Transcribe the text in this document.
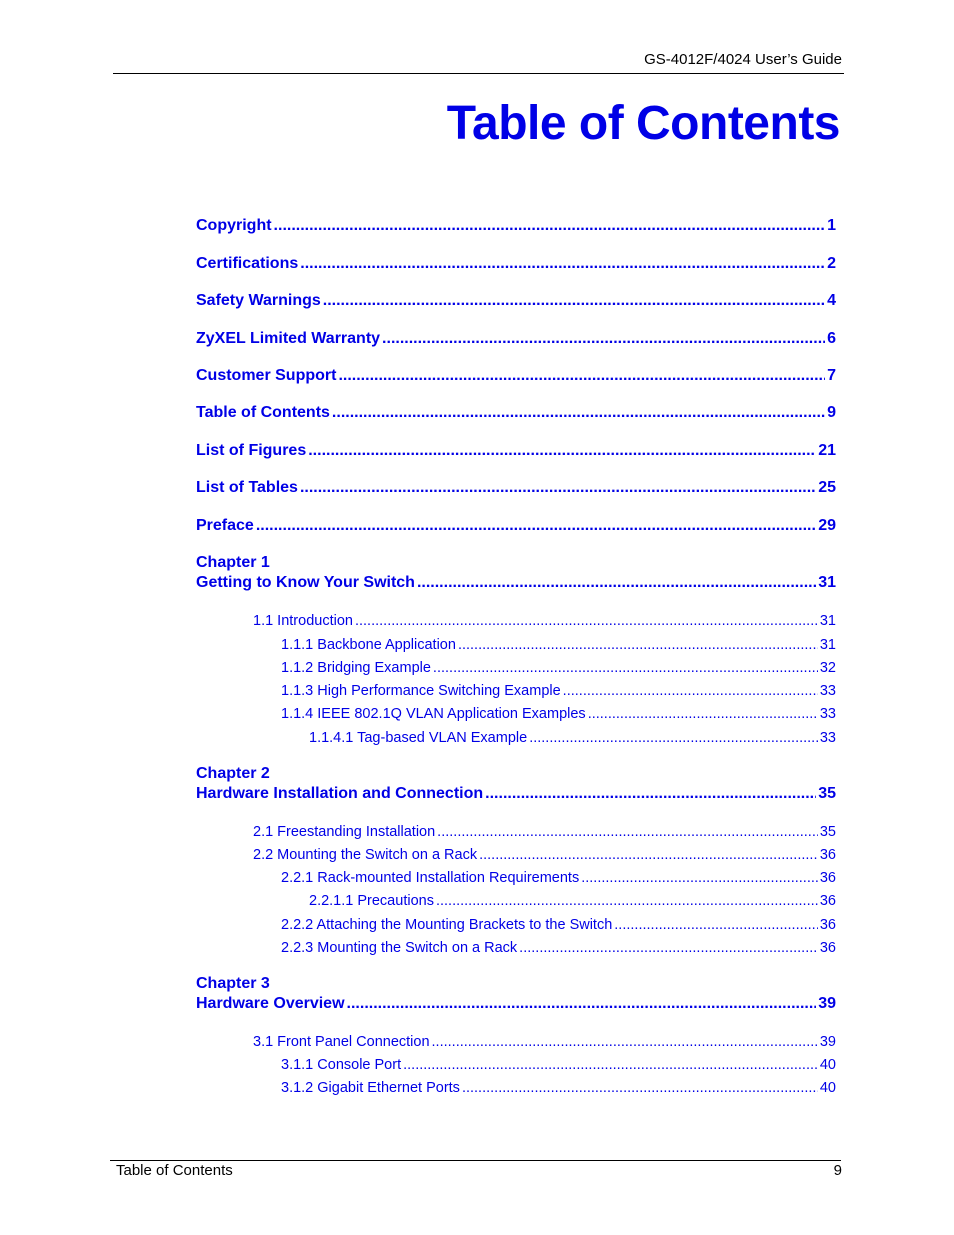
GS-4012F/4024 User’s Guide
Table of Contents
Copyright .....	1
Certifications .....	2
Safety Warnings .....	4
ZyXEL Limited Warranty .....	6
Customer Support .....	7
Table of Contents .....	9
List of Figures .....	21
List of Tables .....	25
Preface .....	29
Chapter 1
Getting to Know Your Switch .....	31
1.1 Introduction .....	31
1.1.1 Backbone Application .....	31
1.1.2 Bridging Example .....	32
1.1.3 High Performance Switching Example .....	33
1.1.4 IEEE 802.1Q VLAN Application Examples .....	33
1.1.4.1 Tag-based VLAN Example .....	33
Chapter 2
Hardware Installation and Connection .....	35
2.1 Freestanding Installation .....	35
2.2 Mounting the Switch on a Rack .....	36
2.2.1 Rack-mounted Installation Requirements .....	36
2.2.1.1 Precautions .....	36
2.2.2 Attaching the Mounting Brackets to the Switch .....	36
2.2.3 Mounting the Switch on a Rack .....	36
Chapter 3
Hardware Overview .....	39
3.1 Front Panel Connection .....	39
3.1.1 Console Port .....	40
3.1.2 Gigabit Ethernet Ports .....	40
Table of Contents	9
